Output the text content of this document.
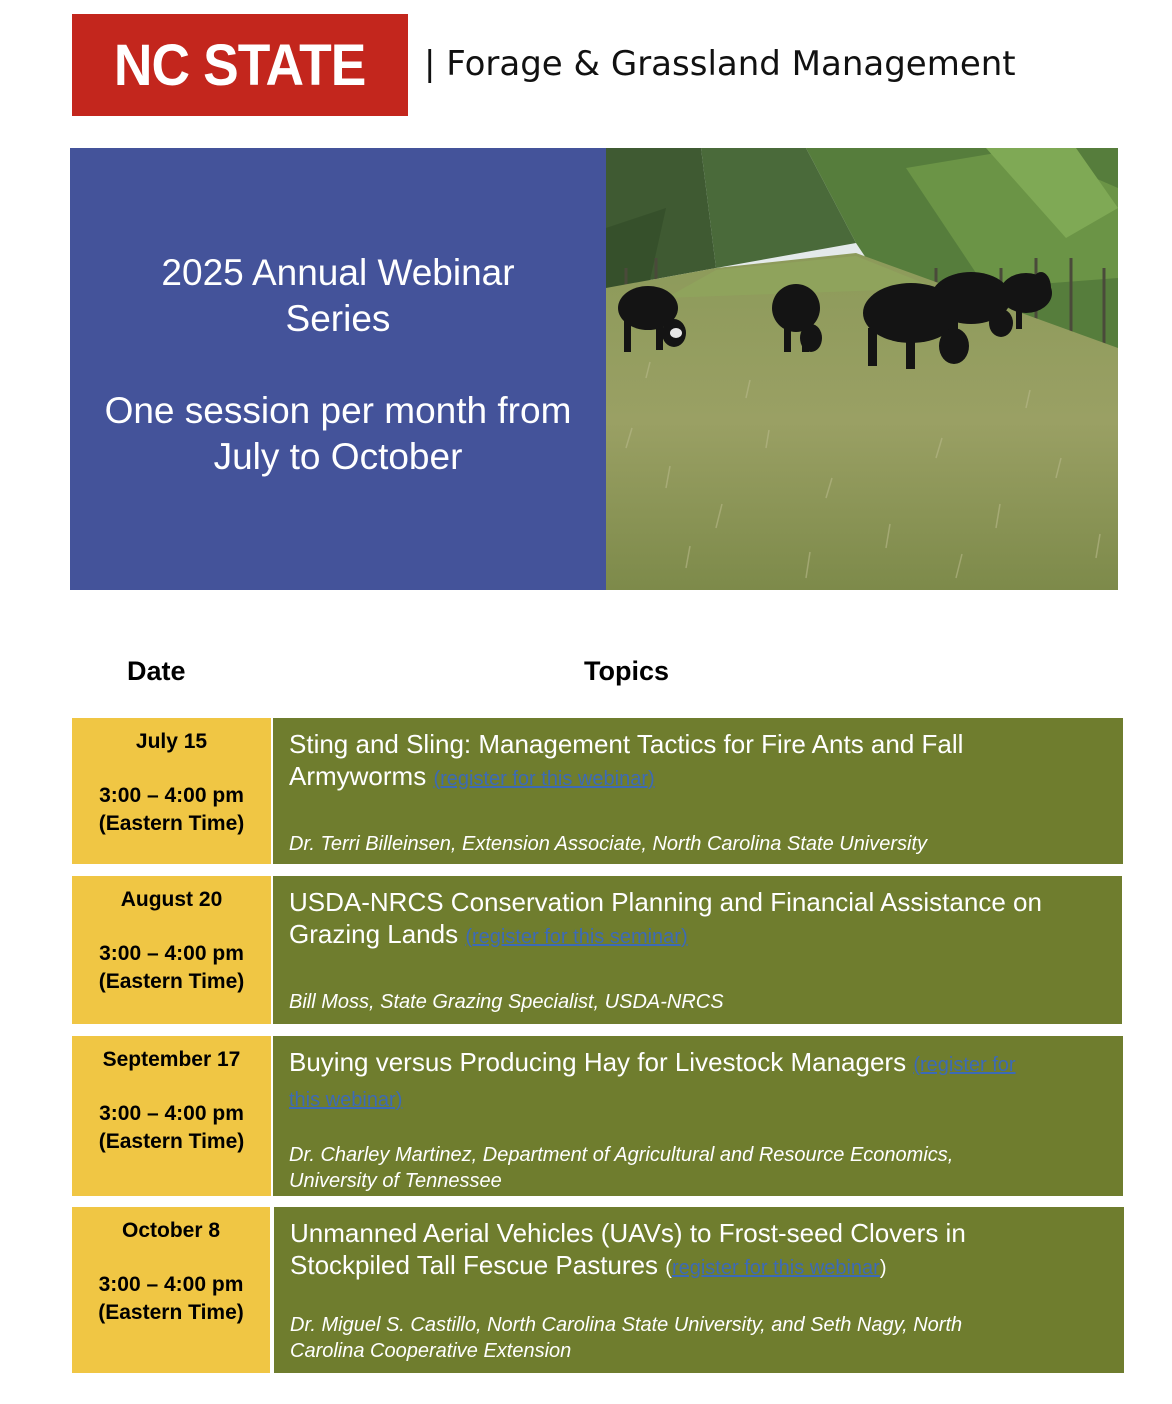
NC STATE | Forage & Grassland Management
2025 Annual Webinar
Series
One session per month from
July to October
Date	Topics
July 15
3:00 – 4:00 pm
(Eastern Time)
Sting and Sling: Management Tactics for Fire Ants and Fall
Armyworms (register for this webinar)
Dr. Terri Billeinsen, Extension Associate, North Carolina State University
August 20
3:00 – 4:00 pm
(Eastern Time)
USDA-NRCS Conservation Planning and Financial Assistance on
Grazing Lands (register for this seminar)
Bill Moss, State Grazing Specialist, USDA-NRCS
September 17
3:00 – 4:00 pm
(Eastern Time)
Buying versus Producing Hay for Livestock Managers (register for
this webinar)
Dr. Charley Martinez, Department of Agricultural and Resource Economics,
University of Tennessee
October 8
3:00 – 4:00 pm
(Eastern Time)
Unmanned Aerial Vehicles (UAVs) to Frost-seed Clovers in
Stockpiled Tall Fescue Pastures (register for this webinar)
Dr. Miguel S. Castillo, North Carolina State University, and Seth Nagy, North
Carolina Cooperative Extension
